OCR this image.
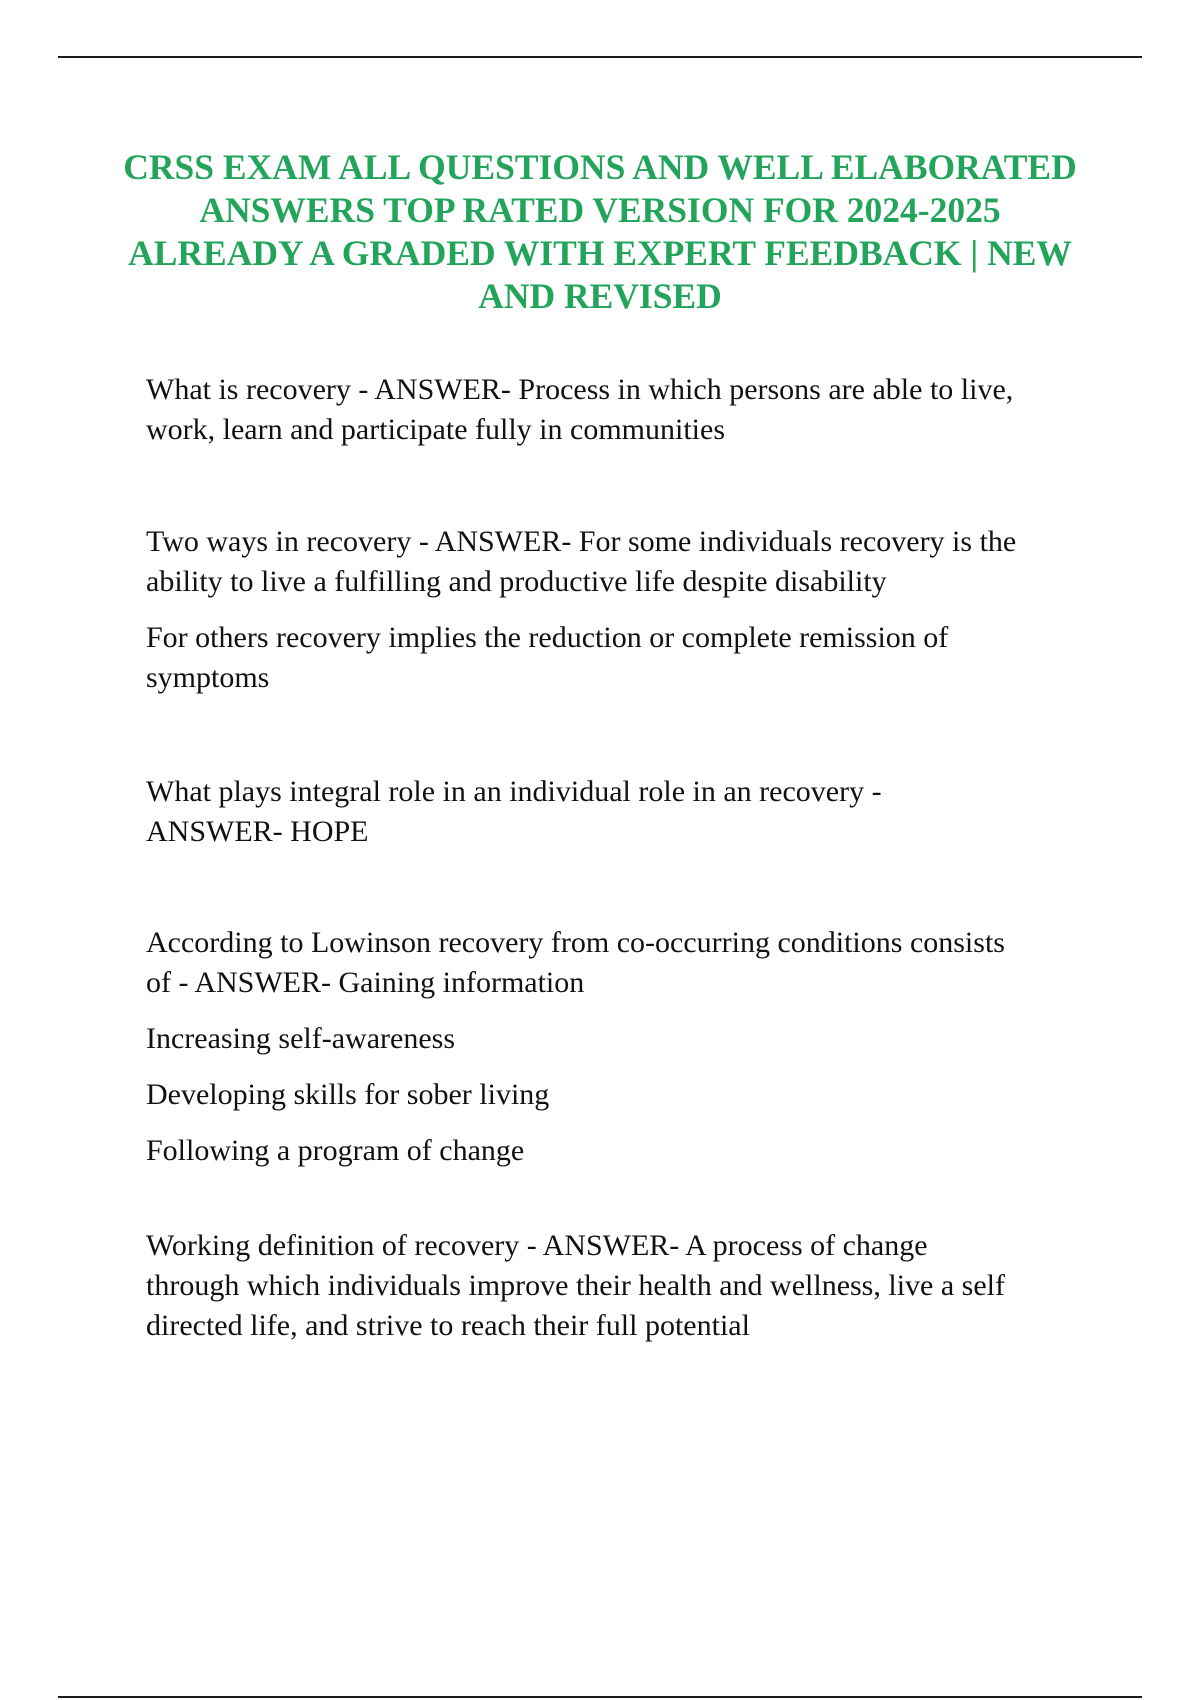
CRSS EXAM ALL QUESTIONS AND WELL ELABORATED ANSWERS TOP RATED VERSION FOR 2024-2025 ALREADY A GRADED WITH EXPERT FEEDBACK | NEW AND REVISED
What is recovery - ANSWER- Process in which persons are able to live,
work, learn and participate fully in communities
Two ways in recovery - ANSWER- For some individuals recovery is the
ability to live a fulfilling and productive life despite disability
For others recovery implies the reduction or complete remission of
symptoms
What plays integral role in an individual role in an recovery -
ANSWER- HOPE
According to Lowinson recovery from co-occurring conditions consists
of - ANSWER- Gaining information
Increasing self-awareness
Developing skills for sober living
Following a program of change
Working definition of recovery - ANSWER- A process of change
through which individuals improve their health and wellness, live a self
directed life, and strive to reach their full potential
